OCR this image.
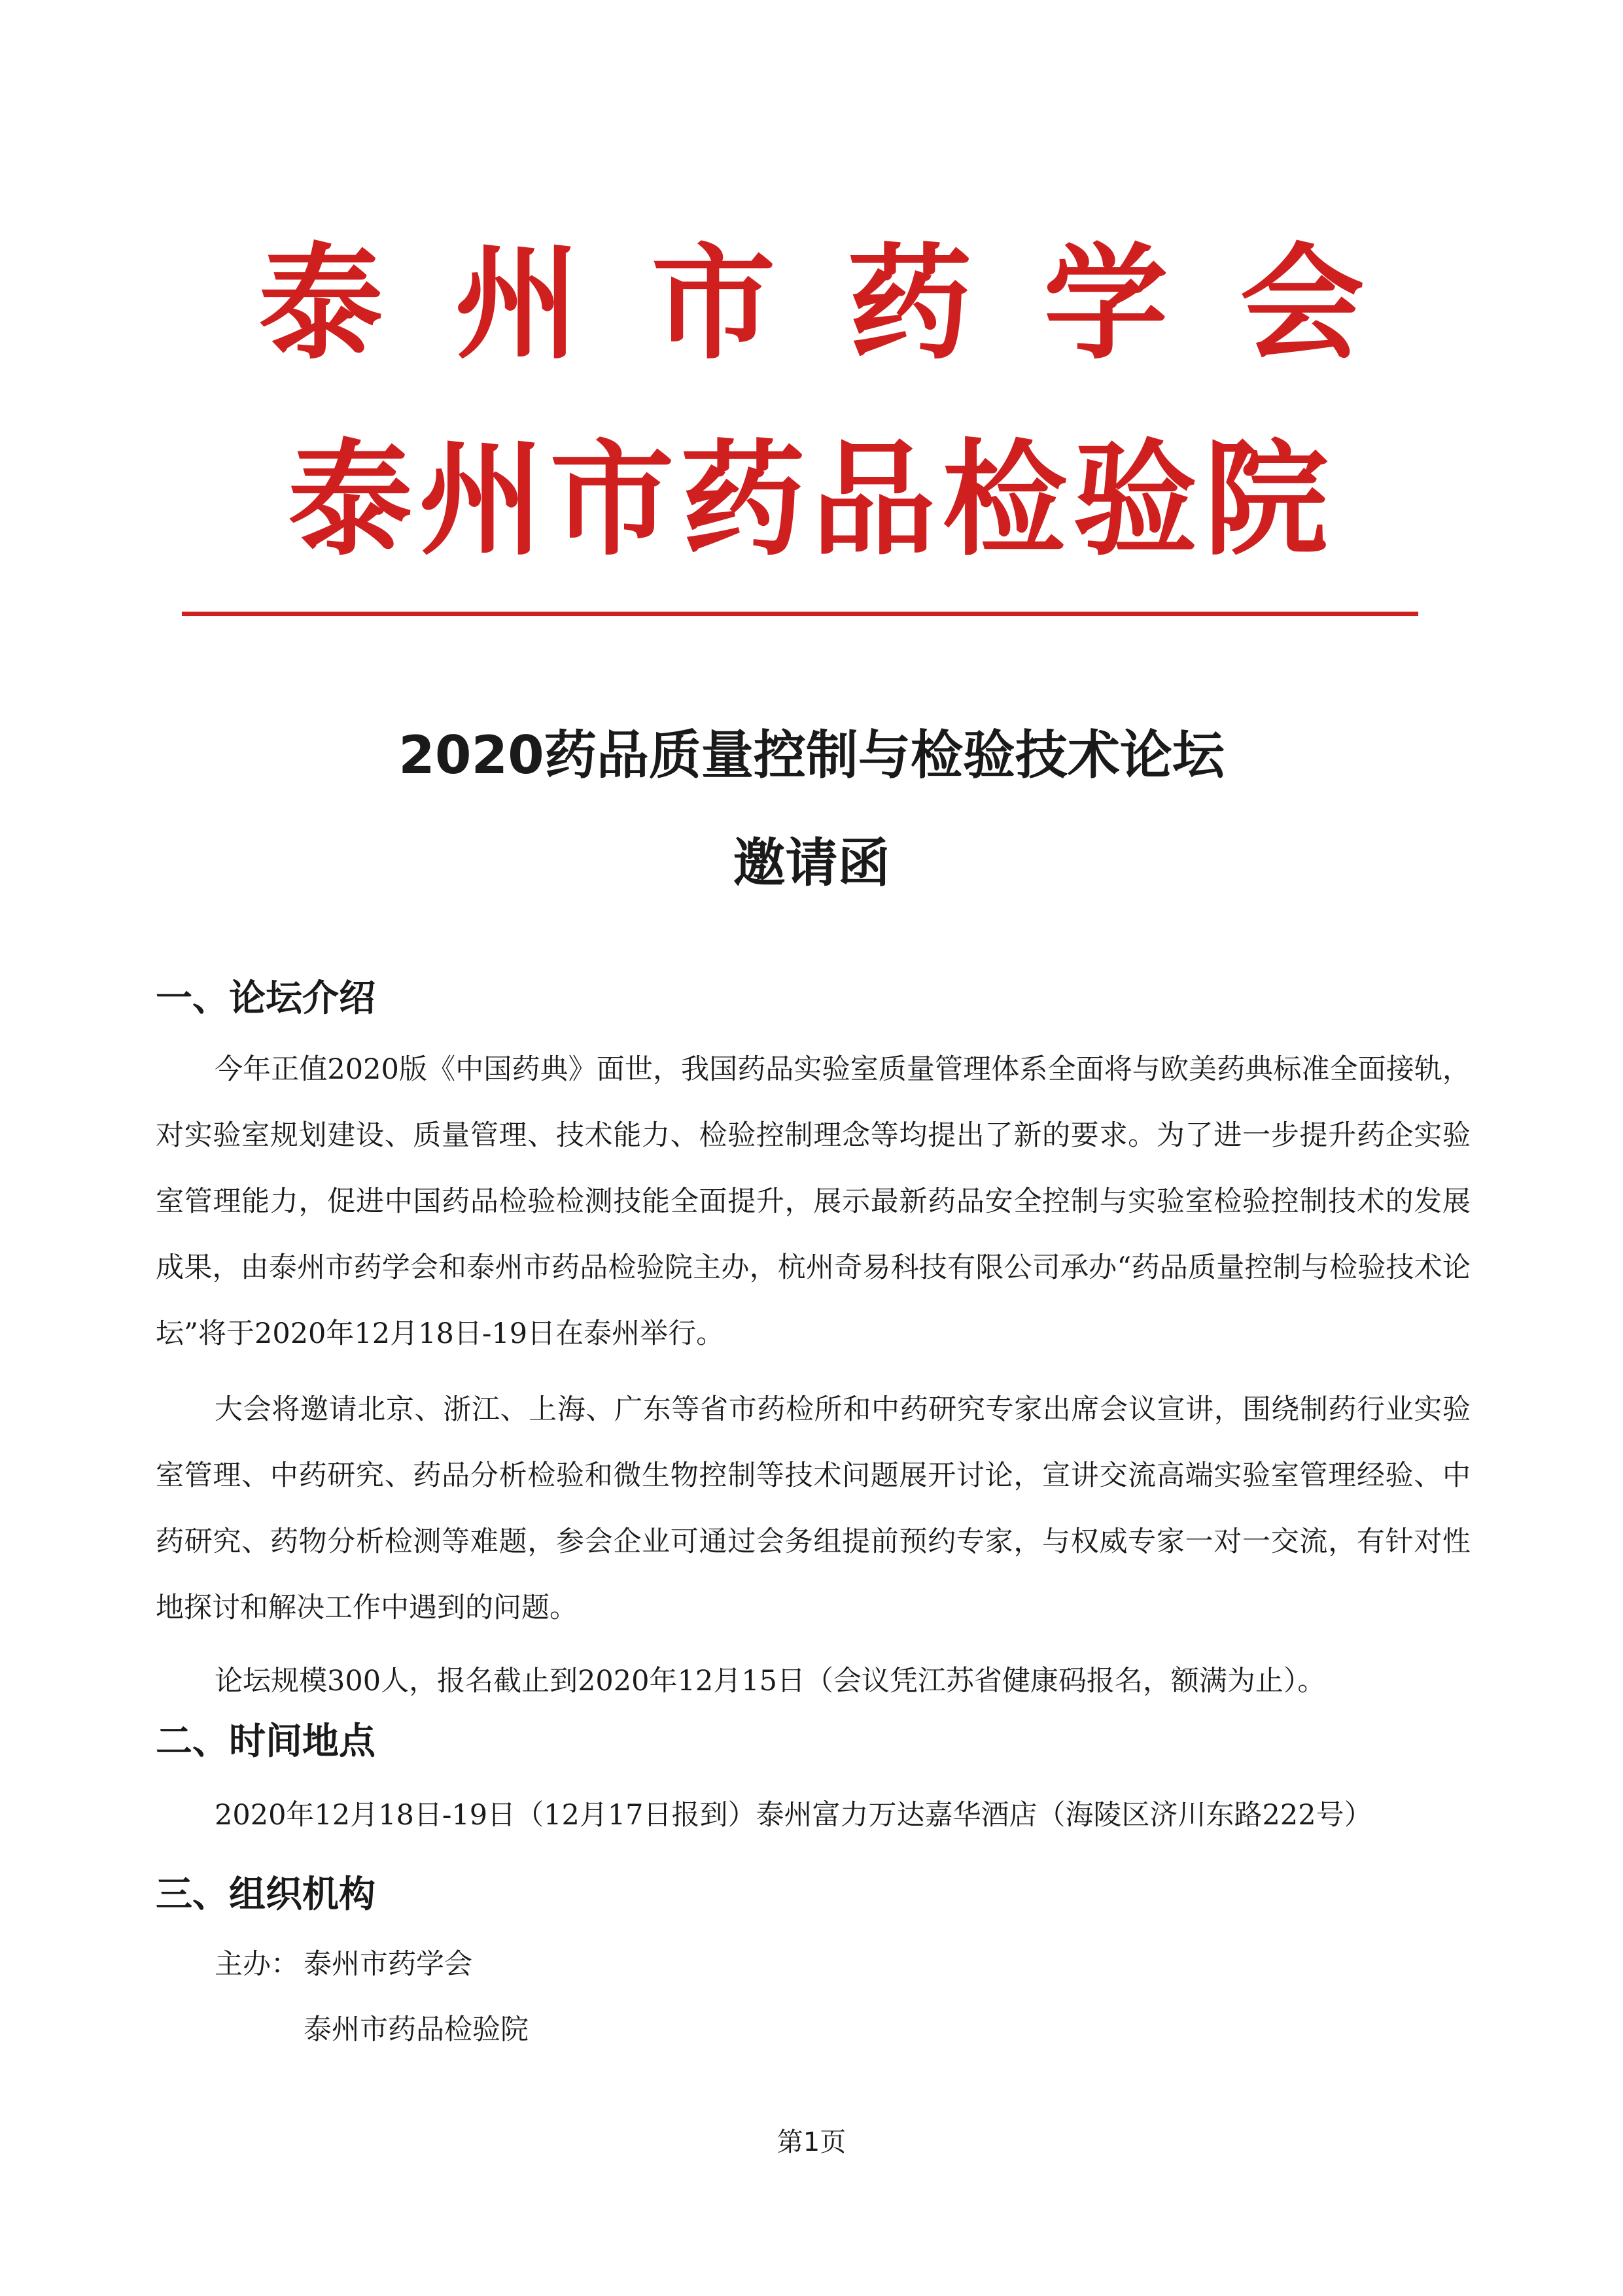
泰州市药学会
泰州市药品检验院
2020药品质量控制与检验技术论坛
邀请函
一、论坛介绍

今年正值2020版《中国药典》面世，我国药品实验室质量管理体系全面将与欧美药典标准全面接轨，对实验室规划建设、质量管理、技术能力、检验控制理念等均提出了新的要求。为了进一步提升药企实验室管理能力，促进中国药品检验检测技能全面提升，展示最新药品安全控制与实验室检验控制技术的发展成果，由泰州市药学会和泰州市药品检验院主办，杭州奇易科技有限公司承办“药品质量控制与检验技术论坛”将于2020年12月18日-19日在泰州举行。

大会将邀请北京、浙江、上海、广东等省市药检所和中药研究专家出席会议宣讲，围绕制药行业实验室管理、中药研究、药品分析检验和微生物控制等技术问题展开讨论，宣讲交流高端实验室管理经验、中药研究、药物分析检测等难题，参会企业可通过会务组提前预约专家，与权威专家一对一交流，有针对性地探讨和解决工作中遇到的问题。

论坛规模300人，报名截止到2020年12月15日（会议凭江苏省健康码报名，额满为止）。

二、时间地点

2020年12月18日-19日（12月17日报到）泰州富力万达嘉华酒店（海陵区济川东路222号）

三、组织机构
主办： 泰州市药学会
泰州市药品检验院
第1页
